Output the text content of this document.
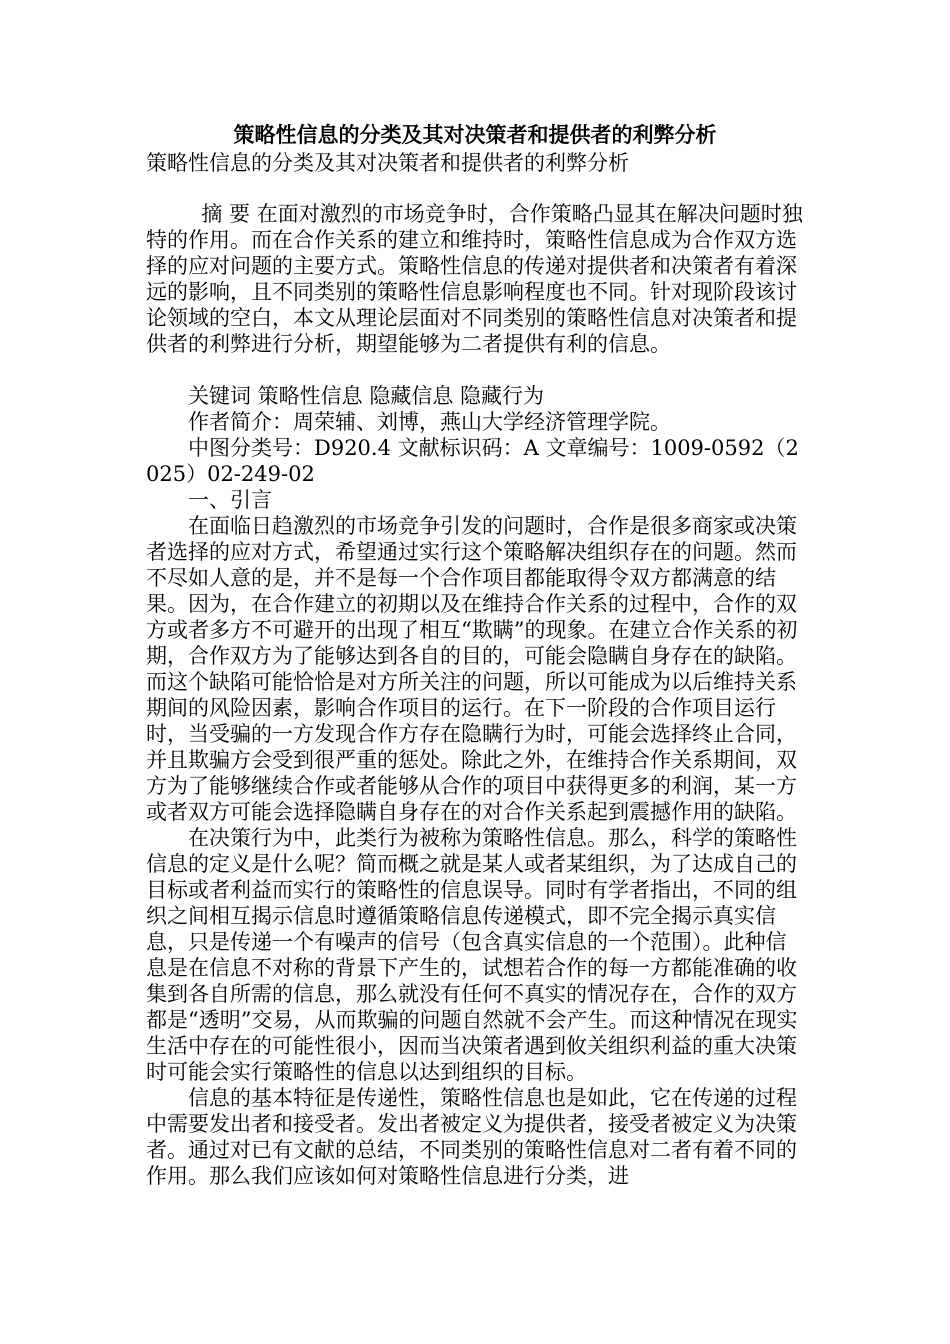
策略性信息的分类及其对决策者和提供者的利弊分析
策略性信息的分类及其对决策者和提供者的利弊分析

摘 要 在面对激烈的市场竞争时，合作策略凸显其在解决问题时独特的作用。而在合作关系的建立和维持时，策略性信息成为合作双方选择的应对问题的主要方式。策略性信息的传递对提供者和决策者有着深远的影响，且不同类别的策略性信息影响程度也不同。针对现阶段该讨论领域的空白，本文从理论层面对不同类别的策略性信息对决策者和提供者的利弊进行分析，期望能够为二者提供有利的信息。

关键词 策略性信息 隐藏信息 隐藏行为

作者简介：周荣辅、刘博，燕山大学经济管理学院。

中图分类号：D920.4 文献标识码：A 文章编号：1009-0592（2025）02-249-02

一、引言

在面临日趋激烈的市场竞争引发的问题时，合作是很多商家或决策者选择的应对方式，希望通过实行这个策略解决组织存在的问题。然而不尽如人意的是，并不是每一个合作项目都能取得令双方都满意的结果。因为，在合作建立的初期以及在维持合作关系的过程中，合作的双方或者多方不可避开的出现了相互“欺瞒”的现象。在建立合作关系的初期，合作双方为了能够达到各自的目的，可能会隐瞒自身存在的缺陷。而这个缺陷可能恰恰是对方所关注的问题，所以可能成为以后维持关系期间的风险因素，影响合作项目的运行。在下一阶段的合作项目运行时，当受骗的一方发现合作方存在隐瞒行为时，可能会选择终止合同，并且欺骗方会受到很严重的惩处。除此之外，在维持合作关系期间，双方为了能够继续合作或者能够从合作的项目中获得更多的利润，某一方或者双方可能会选择隐瞒自身存在的对合作关系起到震撼作用的缺陷。

在决策行为中，此类行为被称为策略性信息。那么，科学的策略性信息的定义是什么呢？简而概之就是某人或者某组织，为了达成自己的目标或者利益而实行的策略性的信息误导。同时有学者指出，不同的组织之间相互揭示信息时遵循策略信息传递模式，即不完全揭示真实信息，只是传递一个有噪声的信号（包含真实信息的一个范围）。此种信息是在信息不对称的背景下产生的，试想若合作的每一方都能准确的收集到各自所需的信息，那么就没有任何不真实的情况存在，合作的双方都是“透明”交易，从而欺骗的问题自然就不会产生。而这种情况在现实生活中存在的可能性很小，因而当决策者遇到攸关组织利益的重大决策时可能会实行策略性的信息以达到组织的目标。

信息的基本特征是传递性，策略性信息也是如此，它在传递的过程中需要发出者和接受者。发出者被定义为提供者，接受者被定义为决策者。通过对已有文献的总结，不同类别的策略性信息对二者有着不同的作用。那么我们应该如何对策略性信息进行分类，进
